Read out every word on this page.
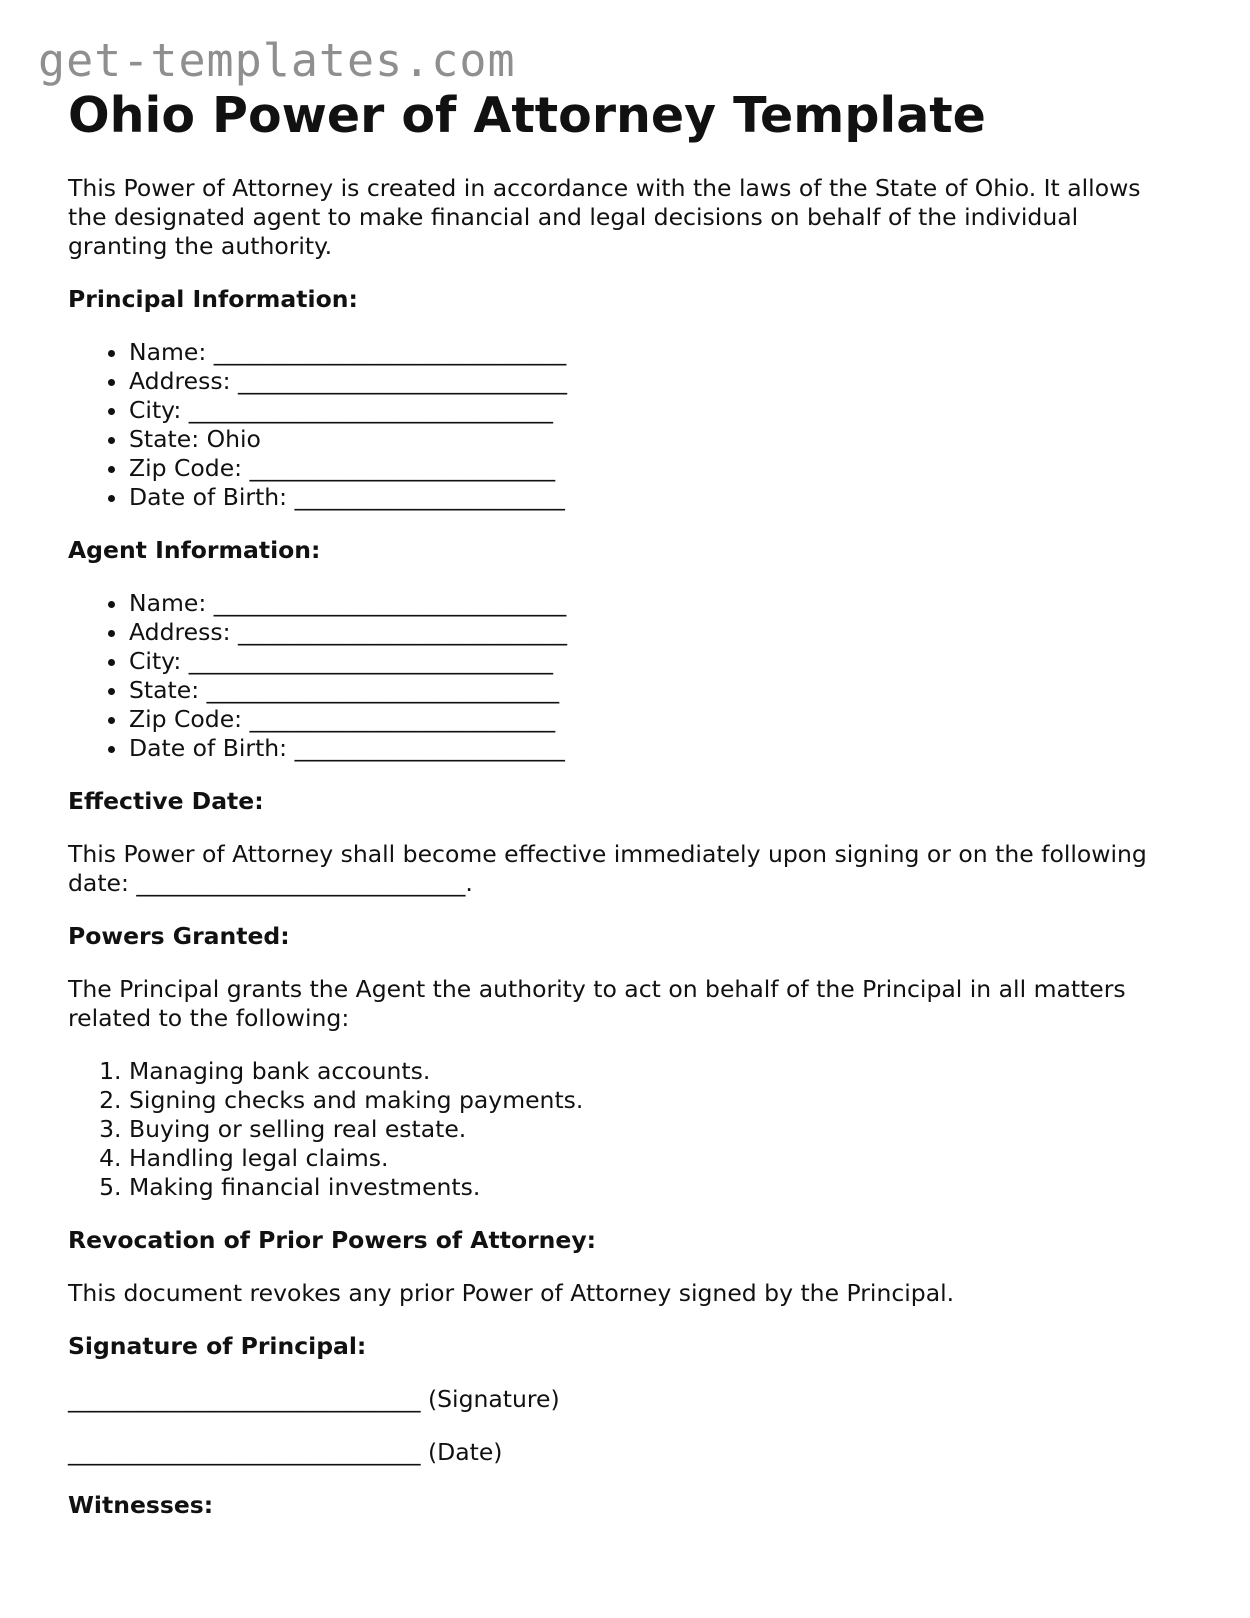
get-templates.com
Ohio Power of Attorney Template

This Power of Attorney is created in accordance with the laws of the State of Ohio. It allows the designated agent to make financial and legal decisions on behalf of the individual granting the authority.

Principal Information:
• Name: ______________________________
• Address: ____________________________
• City: _______________________________
• State: Ohio
• Zip Code: __________________________
• Date of Birth: _______________________
Agent Information:
• Name: ______________________________
• Address: ____________________________
• City: _______________________________
• State: ______________________________
• Zip Code: __________________________
• Date of Birth: _______________________
Effective Date:

This Power of Attorney shall become effective immediately upon signing or on the following date: ____________________________.

Powers Granted:

The Principal grants the Agent the authority to act on behalf of the Principal in all matters related to the following:

1. Managing bank accounts.
2. Signing checks and making payments.
3. Buying or selling real estate.
4. Handling legal claims.
5. Making financial investments.
Revocation of Prior Powers of Attorney:

This document revokes any prior Power of Attorney signed by the Principal.

Signature of Principal:

______________________________ (Signature)

______________________________ (Date)

Witnesses:
